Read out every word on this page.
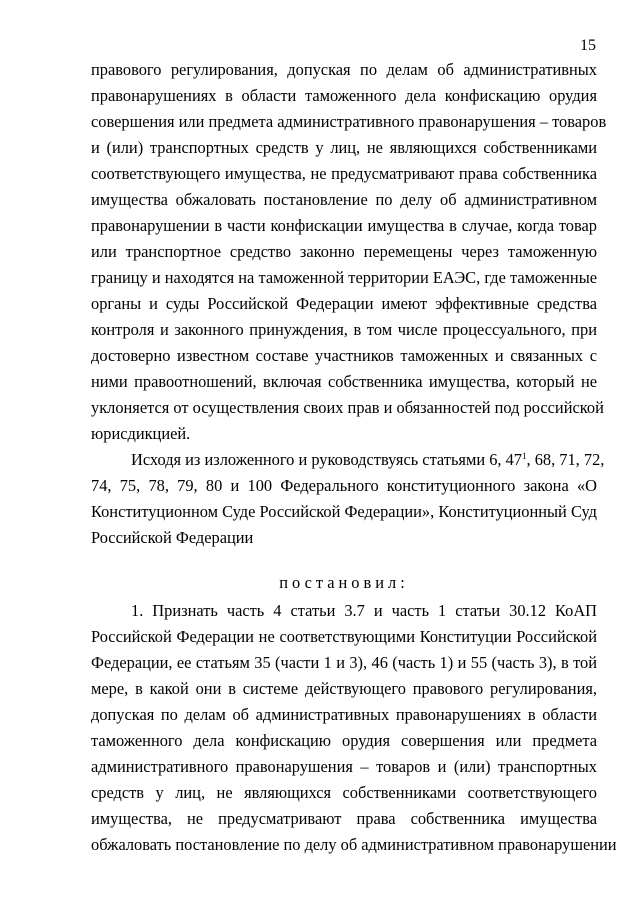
15
правового регулирования, допуская по делам об административных
правонарушениях в области таможенного дела конфискацию орудия
совершения или предмета административного правонарушения – товаров
и (или) транспортных средств у лиц, не являющихся собственниками
соответствующего имущества, не предусматривают права собственника
имущества обжаловать постановление по делу об административном
правонарушении в части конфискации имущества в случае, когда товар
или транспортное средство законно перемещены через таможенную
границу и находятся на таможенной территории ЕАЭС, где таможенные
органы и суды Российской Федерации имеют эффективные средства
контроля и законного принуждения, в том числе процессуального, при
достоверно известном составе участников таможенных и связанных с
ними правоотношений, включая собственника имущества, который не
уклоняется от осуществления своих прав и обязанностей под российской
юрисдикцией.
Исходя из изложенного и руководствуясь статьями 6, $47^1$, 68, 71, 72,
74, 75, 78, 79, 80 и 100 Федерального конституционного закона «О
Конституционном Суде Российской Федерации», Конституционный Суд
Российской Федерации
постановил:
1. Признать часть 4 статьи 3.7 и часть 1 статьи 30.12 КоАП
Российской Федерации не соответствующими Конституции Российской
Федерации, ее статьям 35 (части 1 и 3), 46 (часть 1) и 55 (часть 3), в той
мере, в какой они в системе действующего правового регулирования,
допуская по делам об административных правонарушениях в области
таможенного дела конфискацию орудия совершения или предмета
административного правонарушения – товаров и (или) транспортных
средств у лиц, не являющихся собственниками соответствующего
имущества, не предусматривают права собственника имущества
обжаловать постановление по делу об административном правонарушении
